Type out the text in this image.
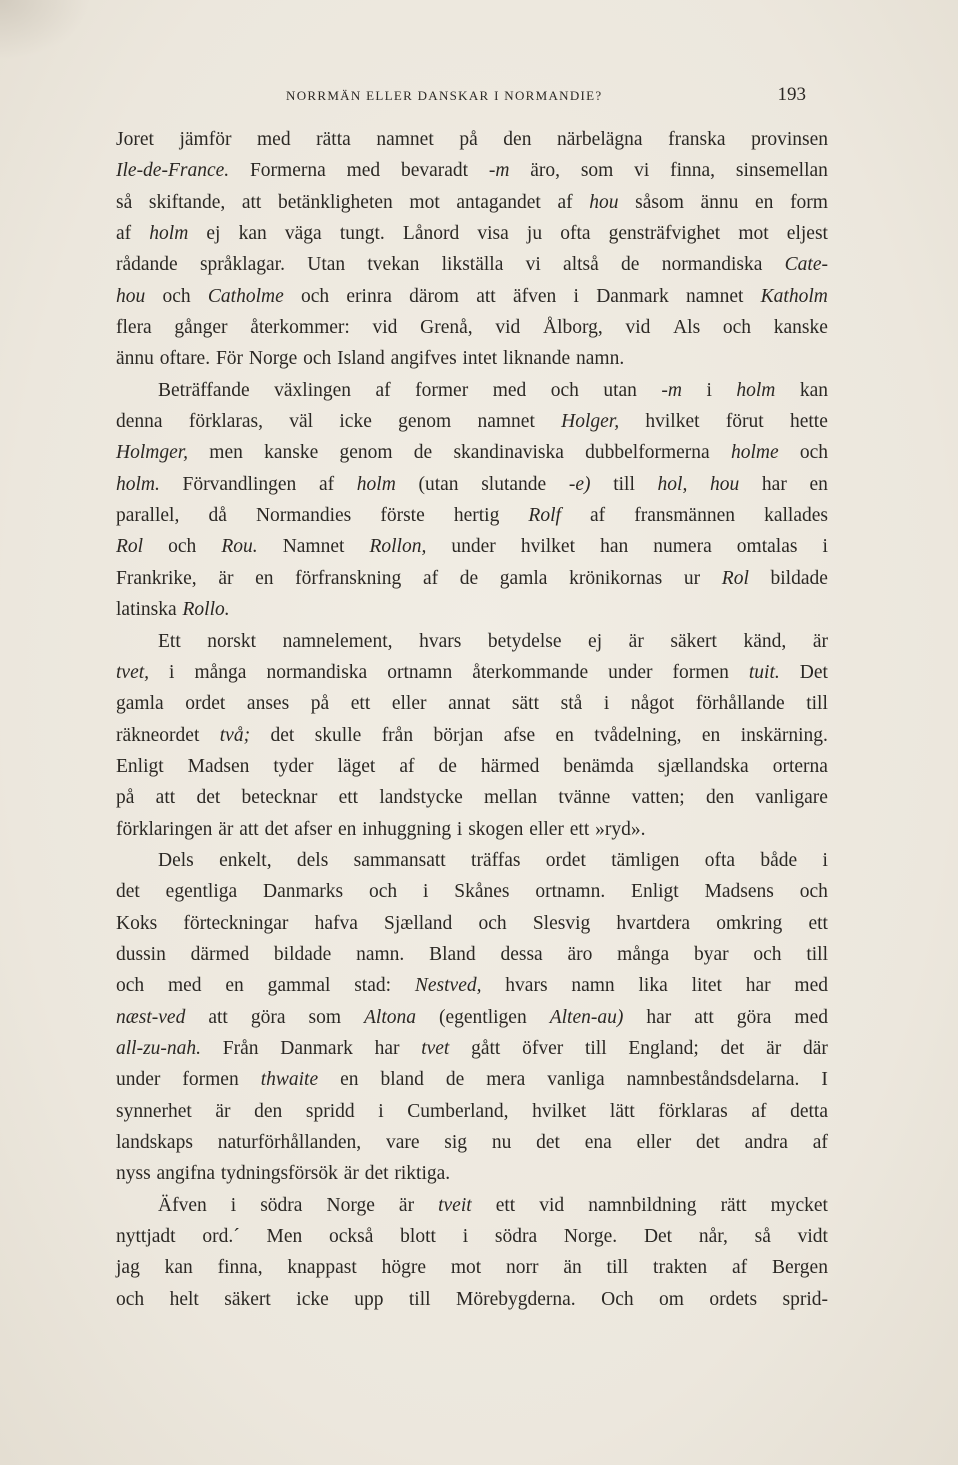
NORRMÄN ELLER DANSKAR I NORMANDIE?	193
Joret jämför med rätta namnet på den närbelägna franska provinsen
Ile-de-France. Formerna med bevaradt -m äro, som vi finna, sinsemellan
så skiftande, att betänkligheten mot antagandet af hou såsom ännu en form
af holm ej kan väga tungt. Lånord visa ju ofta gensträfvighet mot eljest
rådande språklagar. Utan tvekan likställa vi altså de normandiska Cate-
hou och Catholme och erinra därom att äfven i Danmark namnet Katholm
flera gånger återkommer: vid Grenå, vid Ålborg, vid Als och kanske
ännu oftare. För Norge och Island angifves intet liknande namn.
Beträffande växlingen af former med och utan -m i holm kan
denna förklaras, väl icke genom namnet Holger, hvilket förut hette
Holmger, men kanske genom de skandinaviska dubbelformerna holme och
holm. Förvandlingen af holm (utan slutande -e) till hol, hou har en
parallel, då Normandies förste hertig Rolf af fransmännen kallades
Rol och Rou. Namnet Rollon, under hvilket han numera omtalas i
Frankrike, är en förfranskning af de gamla krönikornas ur Rol bildade
latinska Rollo.
Ett norskt namnelement, hvars betydelse ej är säkert känd, är
tvet, i många normandiska ortnamn återkommande under formen tuit. Det
gamla ordet anses på ett eller annat sätt stå i något förhållande till
räkneordet två; det skulle från början afse en tvådelning, en inskärning.
Enligt Madsen tyder läget af de härmed benämda sjællandska orterna
på att det betecknar ett landstycke mellan tvänne vatten; den vanligare
förklaringen är att det afser en inhuggning i skogen eller ett »ryd».
Dels enkelt, dels sammansatt träffas ordet tämligen ofta både i
det egentliga Danmarks och i Skånes ortnamn. Enligt Madsens och
Koks förteckningar hafva Sjælland och Slesvig hvartdera omkring ett
dussin därmed bildade namn. Bland dessa äro många byar och till
och med en gammal stad: Nestved, hvars namn lika litet har med
næst-ved att göra som Altona (egentligen Alten-au) har att göra med
all-zu-nah. Från Danmark har tvet gått öfver till England; det är där
under formen thwaite en bland de mera vanliga namnbeståndsdelarna. I
synnerhet är den spridd i Cumberland, hvilket lätt förklaras af detta
landskaps naturförhållanden, vare sig nu det ena eller det andra af
nyss angifna tydningsförsök är det riktiga.
Äfven i södra Norge är tveit ett vid namnbildning rätt mycket
nyttjadt ord.´ Men också blott i södra Norge. Det når, så vidt
jag kan finna, knappast högre mot norr än till trakten af Bergen
och helt säkert icke upp till Mörebygderna. Och om ordets sprid-
